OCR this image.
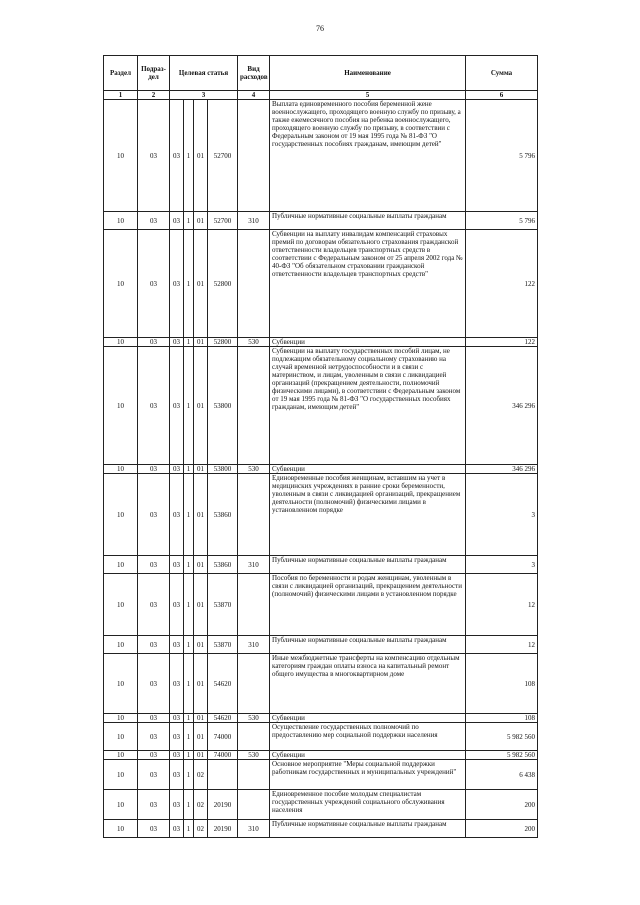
76
Раздел	Подраз-дел	Целевая статья				Вид расходов	Наименование	Сумма
1	2	3				4	5	6
10	03	03	1	01	52700		Выплата единовременного пособия беременной жене военнослужащего, проходящего военную службу по призыву, а также ежемесячного пособия на ребенка военнослужащего, проходящего военную службу по призыву, в соответствии с Федеральным законом от 19 мая 1995 года № 81-ФЗ "О государственных пособиях гражданам, имеющим детей"	5 796
10	03	03	1	01	52700	310	Публичные нормативные социальные выплаты гражданам	5 796
10	03	03	1	01	52800		Субвенции на выплату инвалидам компенсаций страховых премий по договорам обязательного страхования гражданской ответственности владельцев транспортных средств в соответствии с Федеральным законом от 25 апреля 2002 года № 40-ФЗ "Об обязательном страховании гражданской ответственности владельцев транспортных средств"	122
10	03	03	1	01	52800	530	Субвенции	122
10	03	03	1	01	53800		Субвенции на выплату государственных пособий лицам, не подлежащим обязательному социальному страхованию на случай временной нетрудоспособности и в связи с материнством, и лицам, уволенным в связи с ликвидацией организаций (прекращением деятельности, полномочий физическими лицами), в соответствии с Федеральным законом от 19 мая 1995 года № 81-ФЗ "О государственных пособиях гражданам, имеющим детей"	346 296
10	03	03	1	01	53800	530	Субвенции	346 296
10	03	03	1	01	53860		Единовременные пособия женщинам, вставшим на учет в медицинских учреждениях в ранние сроки беременности, уволенным в связи с ликвидацией организаций, прекращением деятельности (полномочий) физическими лицами в установленном порядке	3
10	03	03	1	01	53860	310	Публичные нормативные социальные выплаты гражданам	3
10	03	03	1	01	53870		Пособия по беременности и родам женщинам, уволенным в связи с ликвидацией организаций, прекращением деятельности (полномочий) физическими лицами в установленном порядке	12
10	03	03	1	01	53870	310	Публичные нормативные социальные выплаты гражданам	12
10	03	03	1	01	54620		Иные межбюджетные трансферты на компенсацию отдельным категориям граждан оплаты взноса на капитальный ремонт общего имущества в многоквартирном доме	108
10	03	03	1	01	54620	530	Субвенции	108
10	03	03	1	01	74000		Осуществление государственных полномочий по предоставлению мер социальной поддержки населения	5 982 560
10	03	03	1	01	74000	530	Субвенции	5 982 560
10	03	03	1	02			Основное мероприятие "Меры социальной поддержки работникам государственных и муниципальных учреждений"	6 438
10	03	03	1	02	20190		Единовременное пособие молодым специалистам государственных учреждений социального обслуживания населения	200
10	03	03	1	02	20190	310	Публичные нормативные социальные выплаты гражданам	200
